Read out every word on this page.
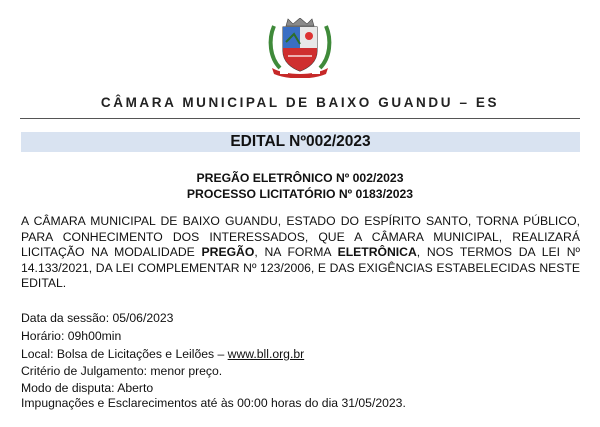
CÂMARA MUNICIPAL DE BAIXO GUANDU – ES
EDITAL Nº002/2023
PREGÃO ELETRÔNICO Nº 002/2023
PROCESSO LICITATÓRIO Nº 0183/2023
A CÂMARA MUNICIPAL DE BAIXO GUANDU, ESTADO DO ESPÍRITO SANTO, TORNA PÚBLICO, PARA CONHECIMENTO DOS INTERESSADOS, QUE A CÂMARA MUNICIPAL, REALIZARÁ LICITAÇÃO NA MODALIDADE PREGÃO, NA FORMA ELETRÔNICA, NOS TERMOS DA LEI Nº 14.133/2021, DA LEI COMPLEMENTAR Nº 123/2006, E DAS EXIGÊNCIAS ESTABELECIDAS NESTE EDITAL.
Data da sessão: 05/06/2023
Horário: 09h00min
Local: Bolsa de Licitações e Leilões – www.bll.org.br
Critério de Julgamento: menor preço.
Modo de disputa: Aberto
Impugnações e Esclarecimentos até às 00:00 horas do dia 31/05/2023.
